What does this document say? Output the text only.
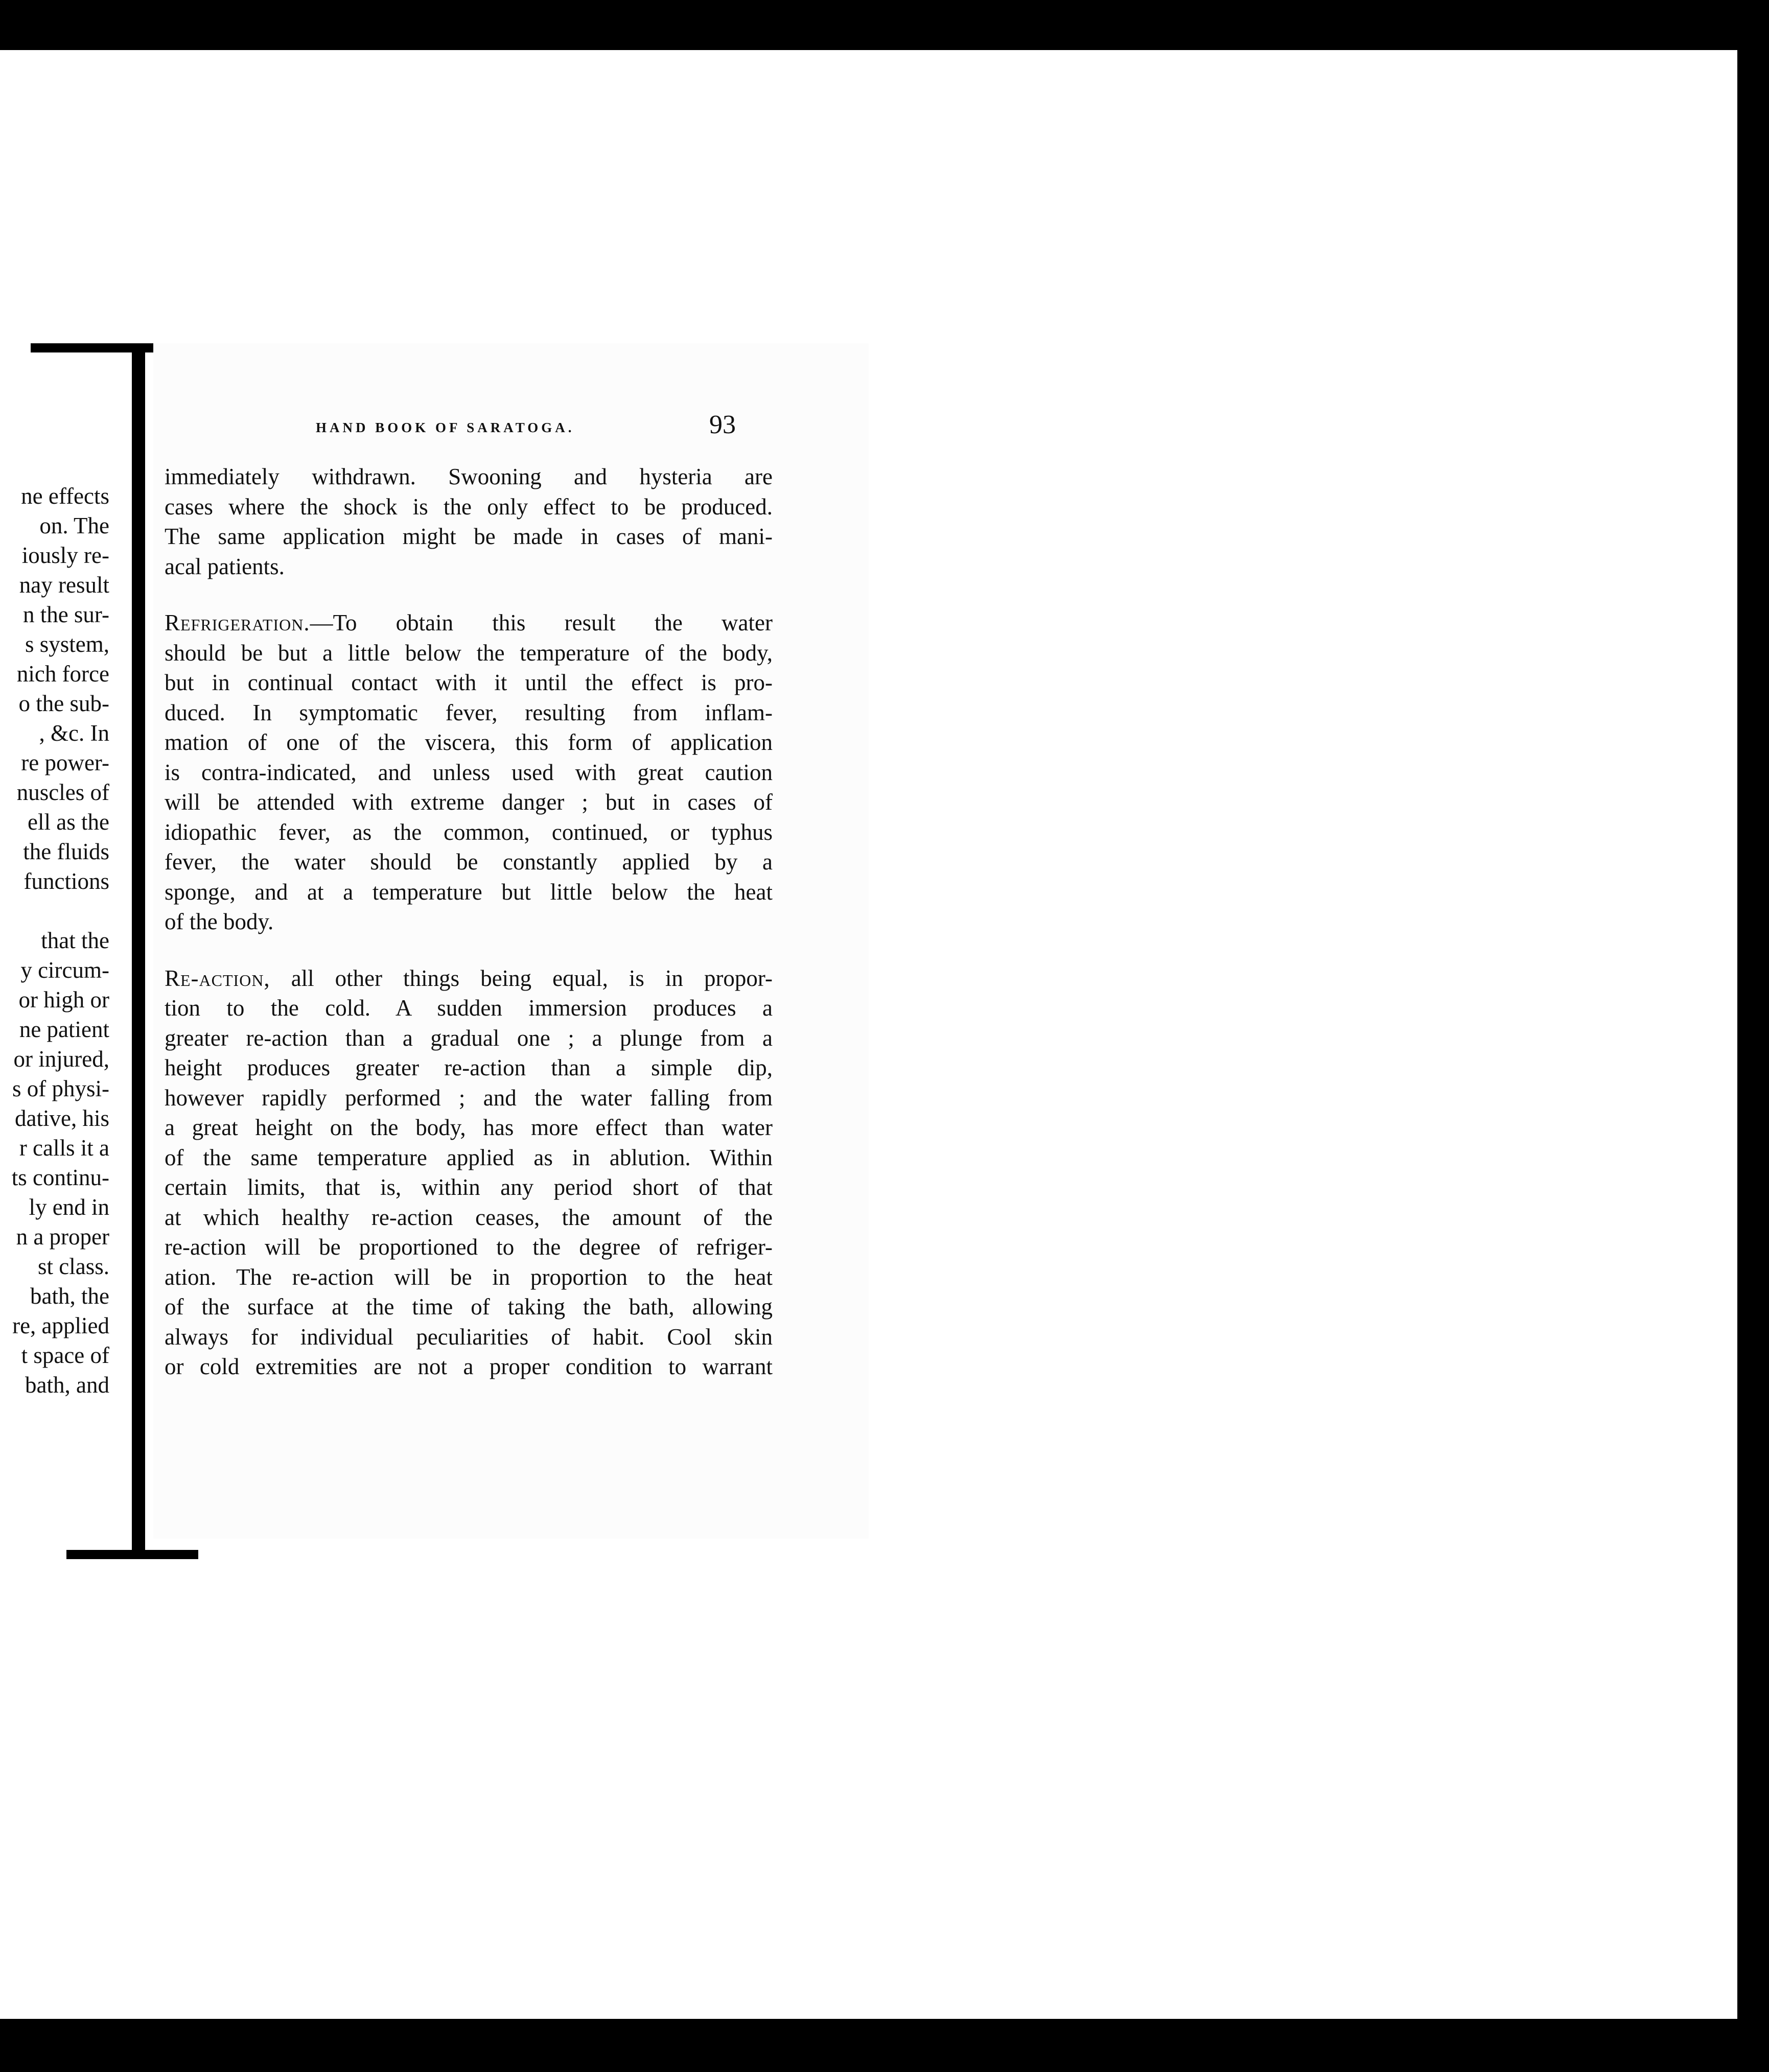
ne effects
on. The
iously re-
nay result
n the sur-
s system,
nich force
o the sub-
, &c. In
re power-
nuscles of
ell as the
the fluids
functions
that the
y circum-
or high or
ne patient
or injured,
s of physi-
dative, his
r calls it a
ts continu-
ly end in
n a proper
st class.
bath, the
re, applied
t space of
bath, and
HAND BOOK OF SARATOGA.	93
immediately withdrawn. Swooning and hysteria are
cases where the shock is the only effect to be produced.
The same application might be made in cases of mani-
acal patients.
Refrigeration.—To obtain this result the water
should be but a little below the temperature of the body,
but in continual contact with it until the effect is pro-
duced. In symptomatic fever, resulting from inflam-
mation of one of the viscera, this form of application
is contra-indicated, and unless used with great caution
will be attended with extreme danger ; but in cases of
idiopathic fever, as the common, continued, or typhus
fever, the water should be constantly applied by a
sponge, and at a temperature but little below the heat
of the body.
Re-action, all other things being equal, is in propor-
tion to the cold. A sudden immersion produces a
greater re-action than a gradual one ; a plunge from a
height produces greater re-action than a simple dip,
however rapidly performed ; and the water falling from
a great height on the body, has more effect than water
of the same temperature applied as in ablution. Within
certain limits, that is, within any period short of that
at which healthy re-action ceases, the amount of the
re-action will be proportioned to the degree of refriger-
ation. The re-action will be in proportion to the heat
of the surface at the time of taking the bath, allowing
always for individual peculiarities of habit. Cool skin
or cold extremities are not a proper condition to warrant
